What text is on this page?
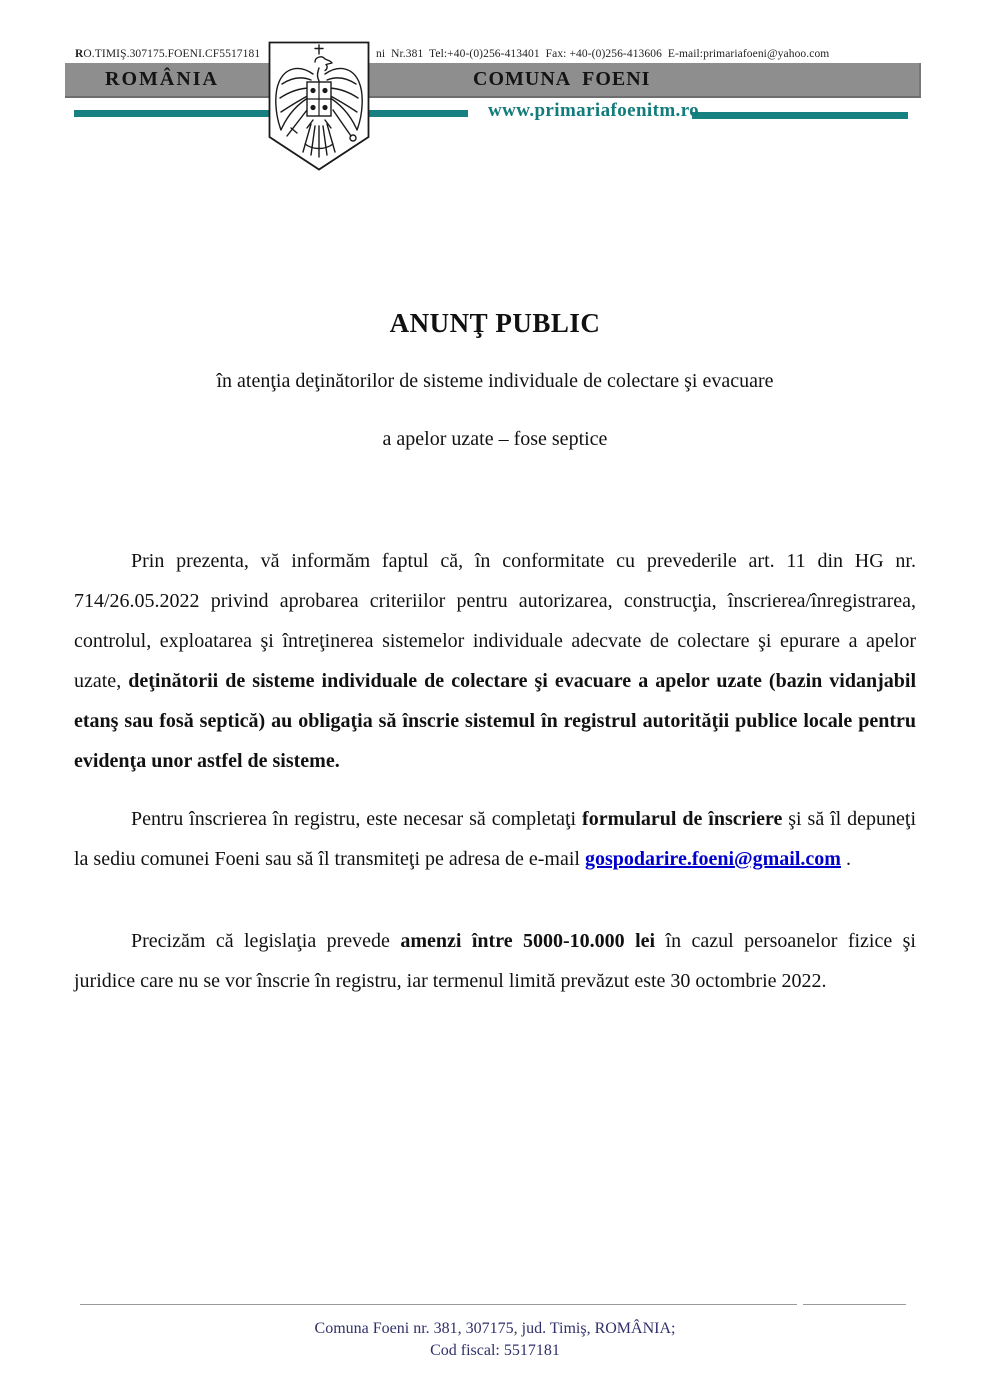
RO.TIMIŞ.307175.FOENI.CF5517181	ni  Nr.381  Tel:+40-(0)256-413401  Fax: +40-(0)256-413606  E-mail:primariafoeni@yahoo.com
ROMÂNIA	COMUNA  FOENI
www.primariafoenitm.ro
ANUNŢ PUBLIC
în atenţia deţinătorilor de sisteme individuale de colectare şi evacuare
a apelor uzate – fose septice

Prin prezenta, vă informăm faptul că, în conformitate cu prevederile art. 11 din HG nr. 714/26.05.2022 privind aprobarea criteriilor pentru autorizarea, construcţia, înscrierea/înregistrarea, controlul, exploatarea şi întreţinerea sistemelor individuale adecvate de colectare şi epurare a apelor uzate, deţinătorii de sisteme individuale de colectare şi evacuare a apelor uzate (bazin vidanjabil etanş sau fosă septică) au obligaţia să înscrie sistemul în registrul autorităţii publice locale pentru evidenţa unor astfel de sisteme.

Pentru înscrierea în registru, este necesar să completaţi formularul de înscriere şi să îl depuneţi la sediu comunei Foeni sau să îl transmiteţi pe adresa de e-mail gospodarire.foeni@gmail.com .

Precizăm că legislaţia prevede amenzi între 5000-10.000 lei în cazul persoanelor fizice şi juridice care nu se vor înscrie în registru, iar termenul limită prevăzut este 30 octombrie 2022.

Comuna Foeni nr. 381, 307175, jud. Timiş, ROMÂNIA;
Cod fiscal: 5517181
